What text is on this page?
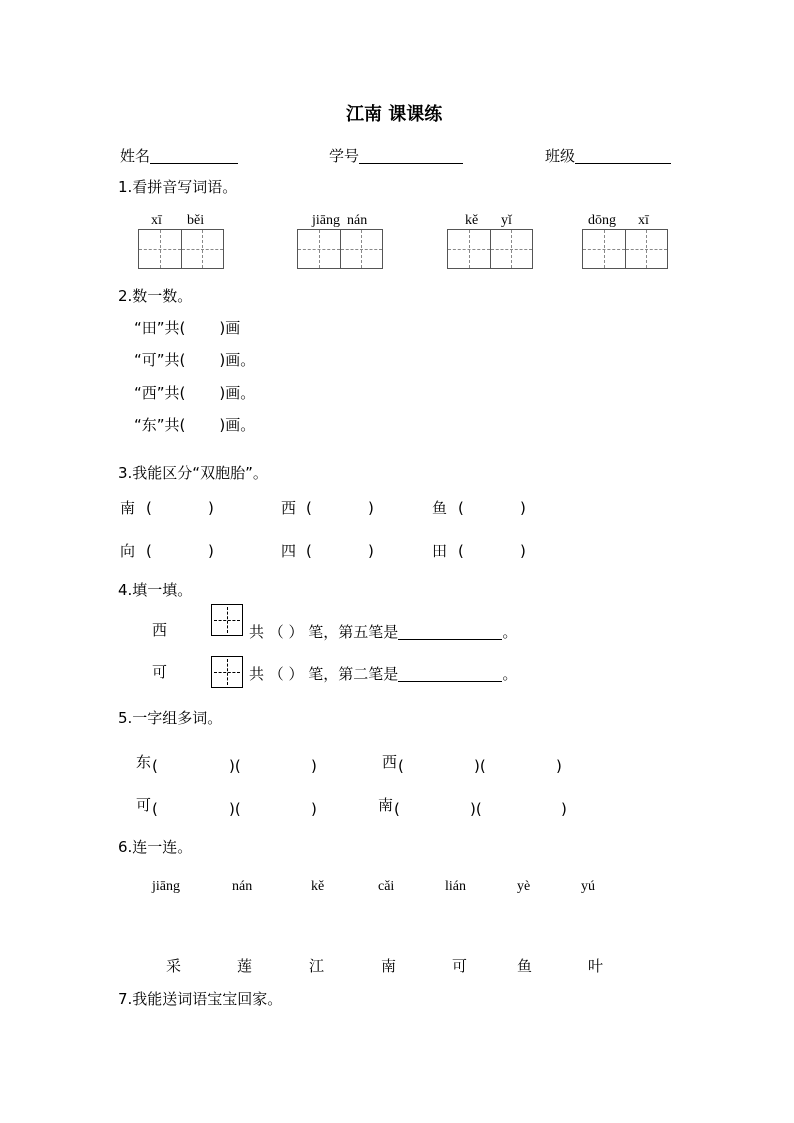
江南 课课练
姓名	学号	班级
1.看拼音写词语。
xī běi	jiāng nán	kě yǐ	dōng xī
2.数一数。
“田”共( )画
“可”共( )画。
“西”共( )画。
“东”共( )画。
3.我能区分“双胞胎”。
南 (	)	西 (	)	鱼 (	)
向 (	)	四 (	)	田 (	)
4.填一填。
西	共 （ ） 笔，第五笔是	。
可	共 （ ） 笔，第二笔是	。
5.一字组多词。
东 (	)(	)	西 (	)(	)
可 (	)(	)	南 (	)(	)
6.连一连。
jiāng	nán	kě	cǎi	lián	yè	yú
采	莲	江	南	可	鱼	叶
7.我能送词语宝宝回家。
